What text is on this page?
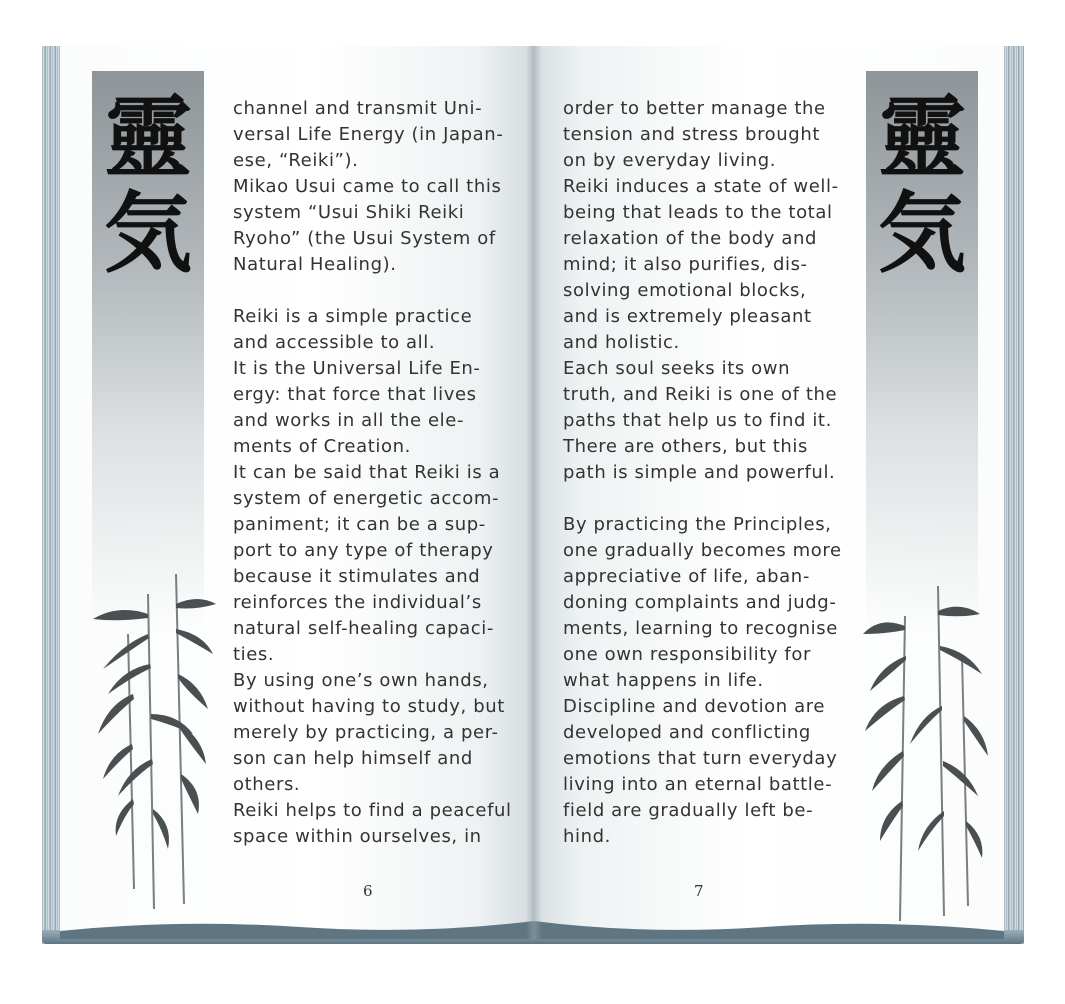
靈
気
channel and transmit Uni-
versal Life Energy (in Japan-
ese, “Reiki”).
Mikao Usui came to call this
system “Usui Shiki Reiki
Ryoho” (the Usui System of
Natural Healing).
Reiki is a simple practice
and accessible to all.
It is the Universal Life En-
ergy: that force that lives
and works in all the ele-
ments of Creation.
It can be said that Reiki is a
system of energetic accom-
paniment; it can be a sup-
port to any type of therapy
because it stimulates and
reinforces the individual’s
natural self-healing capaci-
ties.
By using one’s own hands,
without having to study, but
merely by practicing, a per-
son can help himself and
others.
Reiki helps to find a peaceful
space within ourselves, in
6
靈
気
order to better manage the
tension and stress brought
on by everyday living.
Reiki induces a state of well-
being that leads to the total
relaxation of the body and
mind; it also purifies, dis-
solving emotional blocks,
and is extremely pleasant
and holistic.
Each soul seeks its own
truth, and Reiki is one of the
paths that help us to find it.
There are others, but this
path is simple and powerful.
By practicing the Principles,
one gradually becomes more
appreciative of life, aban-
doning complaints and judg-
ments, learning to recognise
one own responsibility for
what happens in life.
Discipline and devotion are
developed and conflicting
emotions that turn everyday
living into an eternal battle-
field are gradually left be-
hind.
7
